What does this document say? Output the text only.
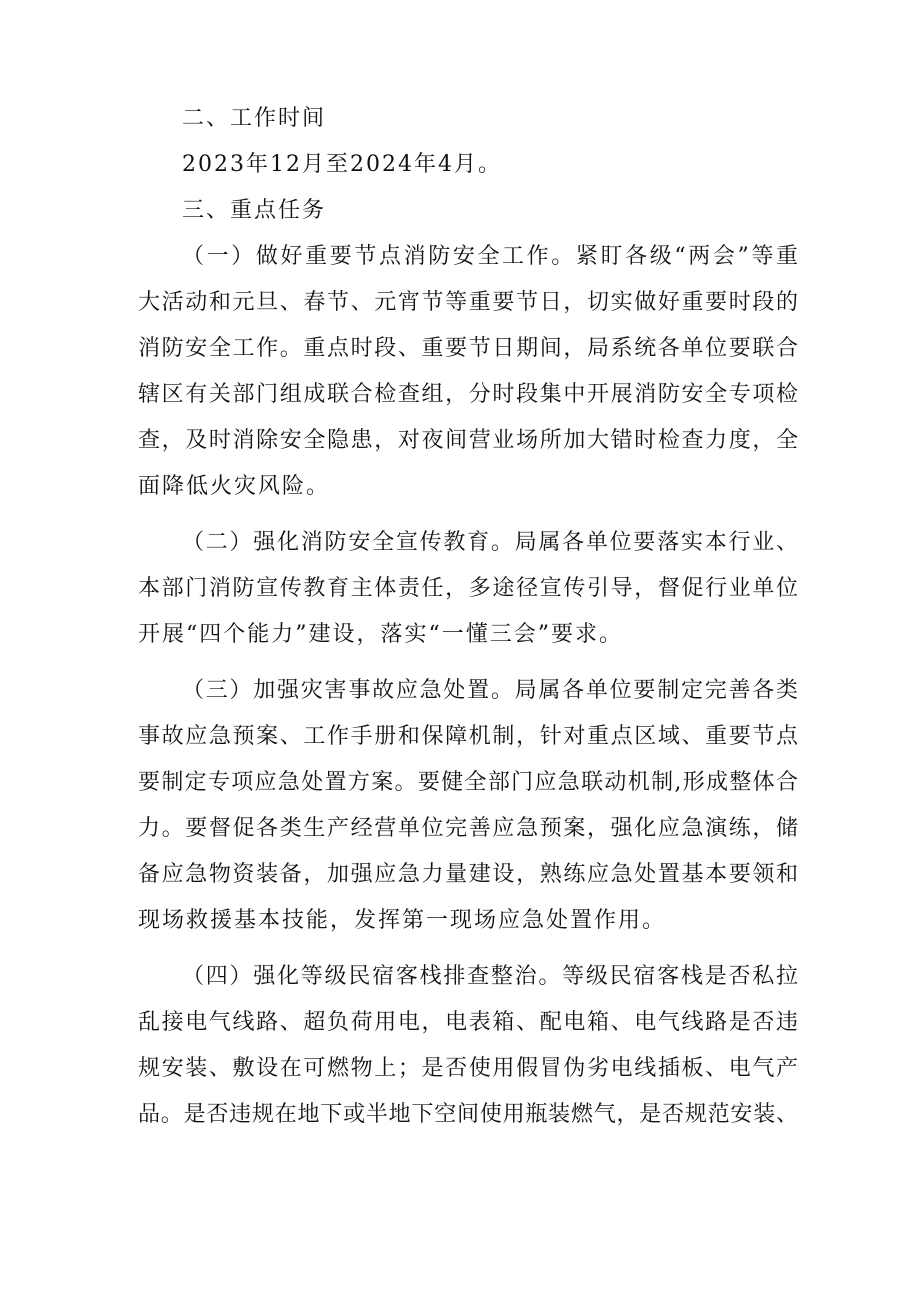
二、工作时间
2023年12月至2024年4月。
三、重点任务
（一）做好重要节点消防安全工作。紧盯各级“两会”等重
大活动和元旦、春节、元宵节等重要节日，切实做好重要时段的
消防安全工作。重点时段、重要节日期间，局系统各单位要联合
辖区有关部门组成联合检查组，分时段集中开展消防安全专项检
查，及时消除安全隐患，对夜间营业场所加大错时检查力度，全
面降低火灾风险。
（二）强化消防安全宣传教育。局属各单位要落实本行业、
本部门消防宣传教育主体责任，多途径宣传引导，督促行业单位
开展“四个能力”建设，落实“一懂三会”要求。
（三）加强灾害事故应急处置。局属各单位要制定完善各类
事故应急预案、工作手册和保障机制，针对重点区域、重要节点
要制定专项应急处置方案。要健全部门应急联动机制,形成整体合
力。要督促各类生产经营单位完善应急预案，强化应急演练，储
备应急物资装备，加强应急力量建设，熟练应急处置基本要领和
现场救援基本技能，发挥第一现场应急处置作用。
（四）强化等级民宿客栈排查整治。等级民宿客栈是否私拉
乱接电气线路、超负荷用电，电表箱、配电箱、电气线路是否违
规安装、敷设在可燃物上；是否使用假冒伪劣电线插板、电气产
品。是否违规在地下或半地下空间使用瓶装燃气，是否规范安装、
